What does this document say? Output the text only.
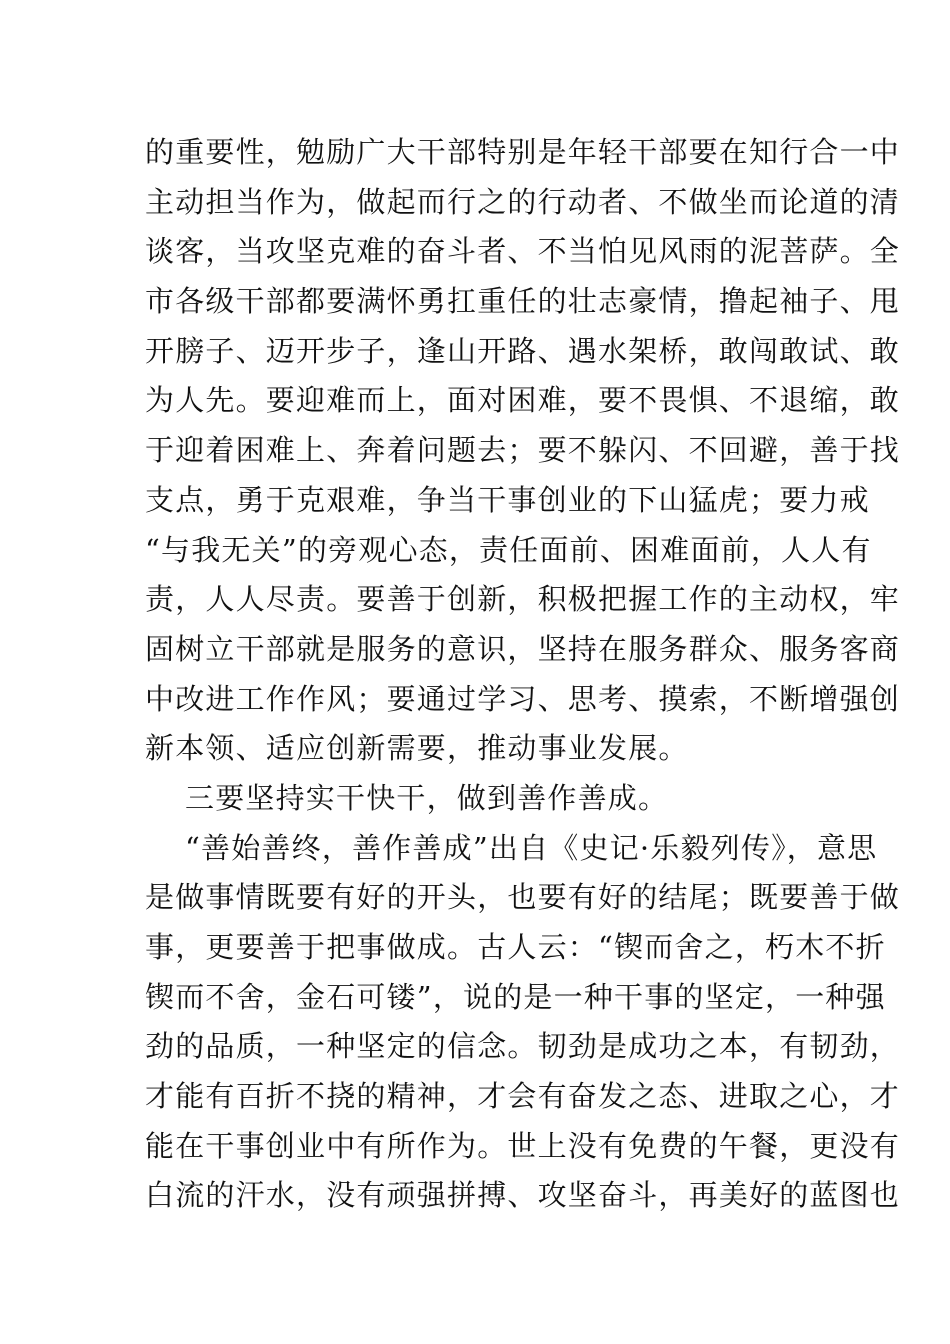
的重要性，勉励广大干部特别是年轻干部要在知行合一中
主动担当作为，做起而行之的行动者、不做坐而论道的清
谈客，当攻坚克难的奋斗者、不当怕见风雨的泥菩萨。全
市各级干部都要满怀勇扛重任的壮志豪情，撸起袖子、甩
开膀子、迈开步子，逢山开路、遇水架桥，敢闯敢试、敢
为人先。要迎难而上，面对困难，要不畏惧、不退缩，敢
于迎着困难上、奔着问题去；要不躲闪、不回避，善于找
支点，勇于克艰难，争当干事创业的下山猛虎；要力戒
“与我无关”的旁观心态，责任面前、困难面前，人人有
责，人人尽责。要善于创新，积极把握工作的主动权，牢
固树立干部就是服务的意识，坚持在服务群众、服务客商
中改进工作作风；要通过学习、思考、摸索，不断增强创
新本领、适应创新需要，推动事业发展。
三要坚持实干快干，做到善作善成。
“善始善终，善作善成”出自《史记·乐毅列传》，意思
是做事情既要有好的开头，也要有好的结尾；既要善于做
事，更要善于把事做成。古人云：“锲而舍之，朽木不折
锲而不舍，金石可镂”，说的是一种干事的坚定，一种强
劲的品质，一种坚定的信念。韧劲是成功之本，有韧劲，
才能有百折不挠的精神，才会有奋发之态、进取之心，才
能在干事创业中有所作为。世上没有免费的午餐，更没有
白流的汗水，没有顽强拼搏、攻坚奋斗，再美好的蓝图也
